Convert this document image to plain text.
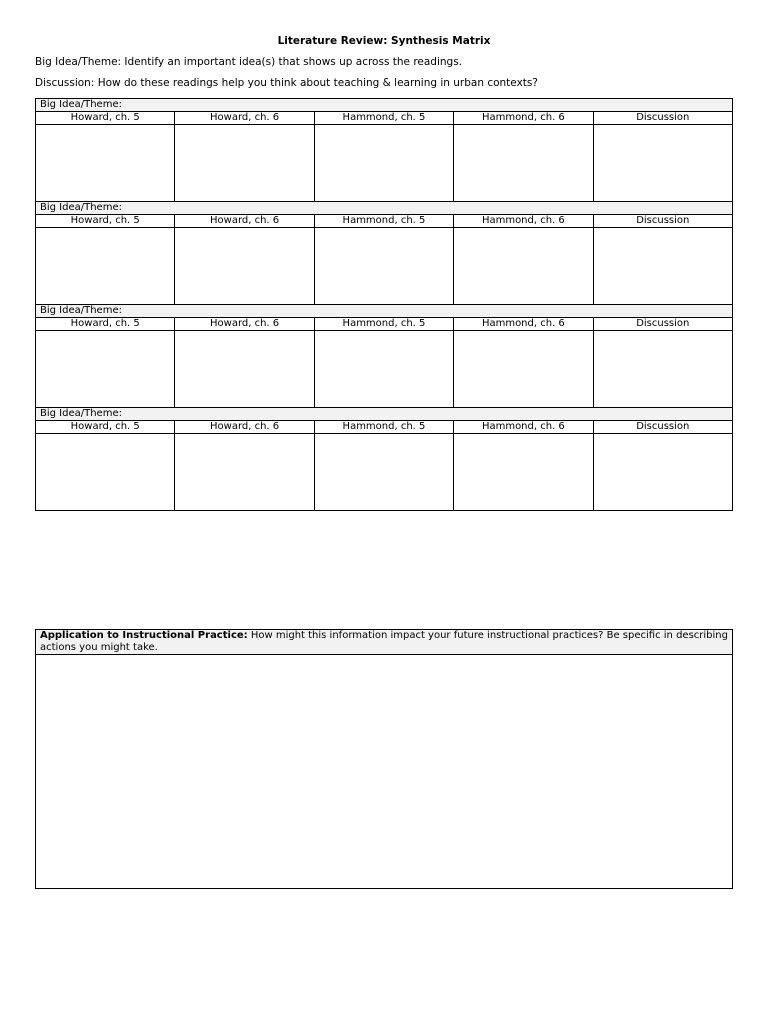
Literature Review: Synthesis Matrix
Big Idea/Theme: Identify an important idea(s) that shows up across the readings.
Discussion: How do these readings help you think about teaching & learning in urban contexts?
Big Idea/Theme:				
Howard, ch. 5	Howard, ch. 6	Hammond, ch. 5	Hammond, ch. 6	Discussion

Big Idea/Theme:				
Howard, ch. 5	Howard, ch. 6	Hammond, ch. 5	Hammond, ch. 6	Discussion

Big Idea/Theme:				
Howard, ch. 5	Howard, ch. 6	Hammond, ch. 5	Hammond, ch. 6	Discussion

Big Idea/Theme:				
Howard, ch. 5	Howard, ch. 6	Hammond, ch. 5	Hammond, ch. 6	Discussion

Application to Instructional Practice: How might this information impact your future instructional practices? Be specific in describing actions you might take.
